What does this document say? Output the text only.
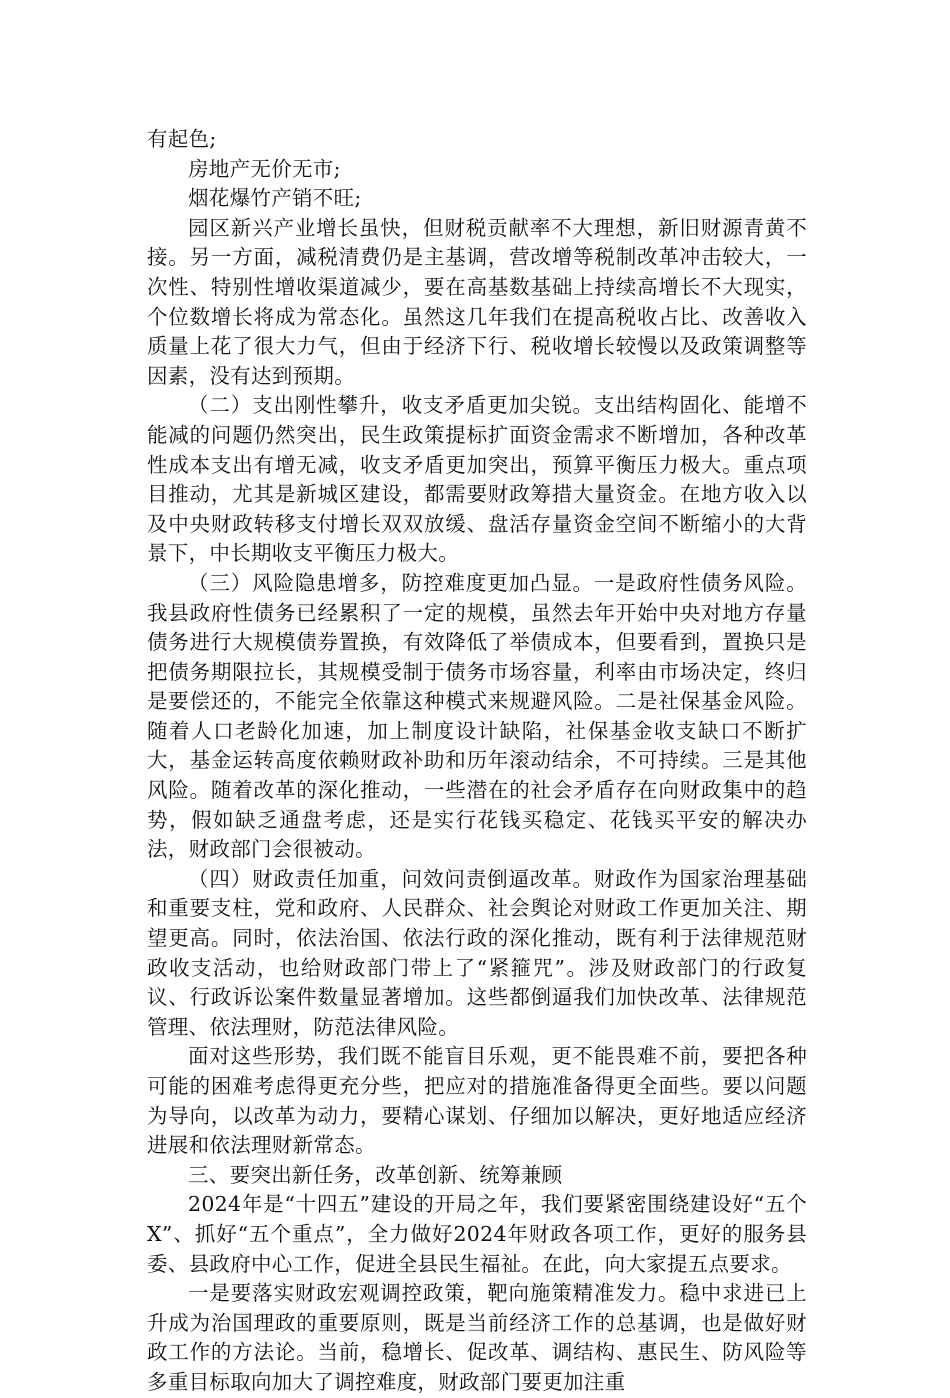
有起色;

房地产无价无市;

烟花爆竹产销不旺;

园区新兴产业增长虽快，但财税贡献率不大理想，新旧财源青黄不接。另一方面，减税清费仍是主基调，营改增等税制改革冲击较大，一次性、特别性增收渠道减少，要在高基数基础上持续高增长不大现实，个位数增长将成为常态化。虽然这几年我们在提高税收占比、改善收入质量上花了很大力气，但由于经济下行、税收增长较慢以及政策调整等因素，没有达到预期。

（二）支出刚性攀升，收支矛盾更加尖锐。支出结构固化、能增不能减的问题仍然突出，民生政策提标扩面资金需求不断增加，各种改革性成本支出有增无减，收支矛盾更加突出，预算平衡压力极大。重点项目推动，尤其是新城区建设，都需要财政筹措大量资金。在地方收入以及中央财政转移支付增长双双放缓、盘活存量资金空间不断缩小的大背景下，中长期收支平衡压力极大。

（三）风险隐患增多，防控难度更加凸显。一是政府性债务风险。我县政府性债务已经累积了一定的规模，虽然去年开始中央对地方存量债务进行大规模债券置换，有效降低了举债成本，但要看到，置换只是把债务期限拉长，其规模受制于债务市场容量，利率由市场决定，终归是要偿还的，不能完全依靠这种模式来规避风险。二是社保基金风险。随着人口老龄化加速，加上制度设计缺陷，社保基金收支缺口不断扩大，基金运转高度依赖财政补助和历年滚动结余，不可持续。三是其他风险。随着改革的深化推动，一些潜在的社会矛盾存在向财政集中的趋势，假如缺乏通盘考虑，还是实行花钱买稳定、花钱买平安的解决办法，财政部门会很被动。

（四）财政责任加重，问效问责倒逼改革。财政作为国家治理基础和重要支柱，党和政府、人民群众、社会舆论对财政工作更加关注、期望更高。同时，依法治国、依法行政的深化推动，既有利于法律规范财政收支活动，也给财政部门带上了“紧箍咒”。涉及财政部门的行政复议、行政诉讼案件数量显著增加。这些都倒逼我们加快改革、法律规范管理、依法理财，防范法律风险。

面对这些形势，我们既不能盲目乐观，更不能畏难不前，要把各种可能的困难考虑得更充分些，把应对的措施准备得更全面些。要以问题为导向，以改革为动力，要精心谋划、仔细加以解决，更好地适应经济进展和依法理财新常态。

三、要突出新任务，改革创新、统筹兼顾

2024年是“十四五”建设的开局之年，我们要紧密围绕建设好“五个X”、抓好“五个重点”，全力做好2024年财政各项工作，更好的服务县委、县政府中心工作，促进全县民生福祉。在此，向大家提五点要求。

一是要落实财政宏观调控政策，靶向施策精准发力。稳中求进已上升成为治国理政的重要原则，既是当前经济工作的总基调，也是做好财政工作的方法论。当前，稳增长、促改革、调结构、惠民生、防风险等多重目标取向加大了调控难度，财政部门要更加注重
